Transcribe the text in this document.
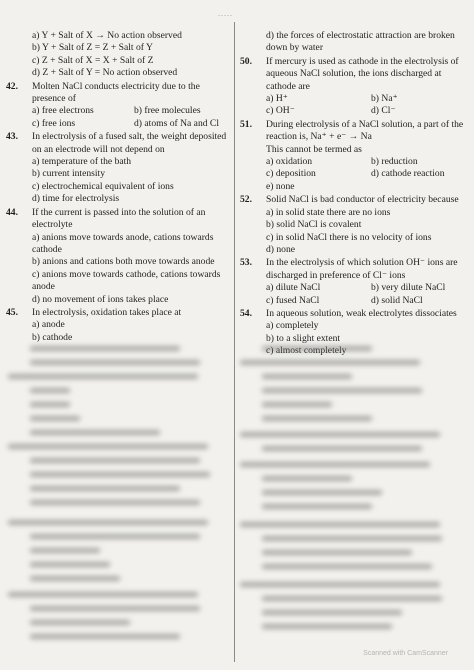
-----
a) Y + Salt of X → No action observed
b) Y + Salt of Z = Z + Salt of Y
c) Z + Salt of X = X + Salt of Z
d) Z + Salt of Y = No action observed
42. Molten NaCl conducts electricity due to the presence of
a) free electrons	b) free molecules
c) free ions	d) atoms of Na and Cl
43. In electrolysis of a fused salt, the weight deposited on an electrode will not depend on
a) temperature of the bath
b) current intensity
c) electrochemical equivalent of ions
d) time for electrolysis
44. If the current is passed into the solution of an electrolyte
a) anions move towards anode, cations towards cathode
b) anions and cations both move towards anode
c) anions move towards cathode, cations towards anode
d) no movement of ions takes place
45. In electrolysis, oxidation takes place at
a) anode
b) cathode
d) the forces of electrostatic attraction are broken down by water
50. If mercury is used as cathode in the electrolysis of aqueous NaCl solution, the ions discharged at cathode are
a) H⁺	b) Na⁺
c) OH⁻	d) Cl⁻
51. During electrolysis of a NaCl solution, a part of the reaction is, Na⁺ + e⁻ → Na
This cannot be termed as
a) oxidation	b) reduction
c) deposition	d) cathode reaction
e) none
52. Solid NaCl is bad conductor of electricity because
a) in solid state there are no ions
b) solid NaCl is covalent
c) in solid NaCl there is no velocity of ions
d) none
53. In the electrolysis of which solution OH⁻ ions are discharged in preference of Cl⁻ ions
a) dilute NaCl	b) very dilute NaCl
c) fused NaCl	d) solid NaCl
54. In aqueous solution, weak electrolytes dissociates
a) completely
b) to a slight extent
Scanned with CamScanner
